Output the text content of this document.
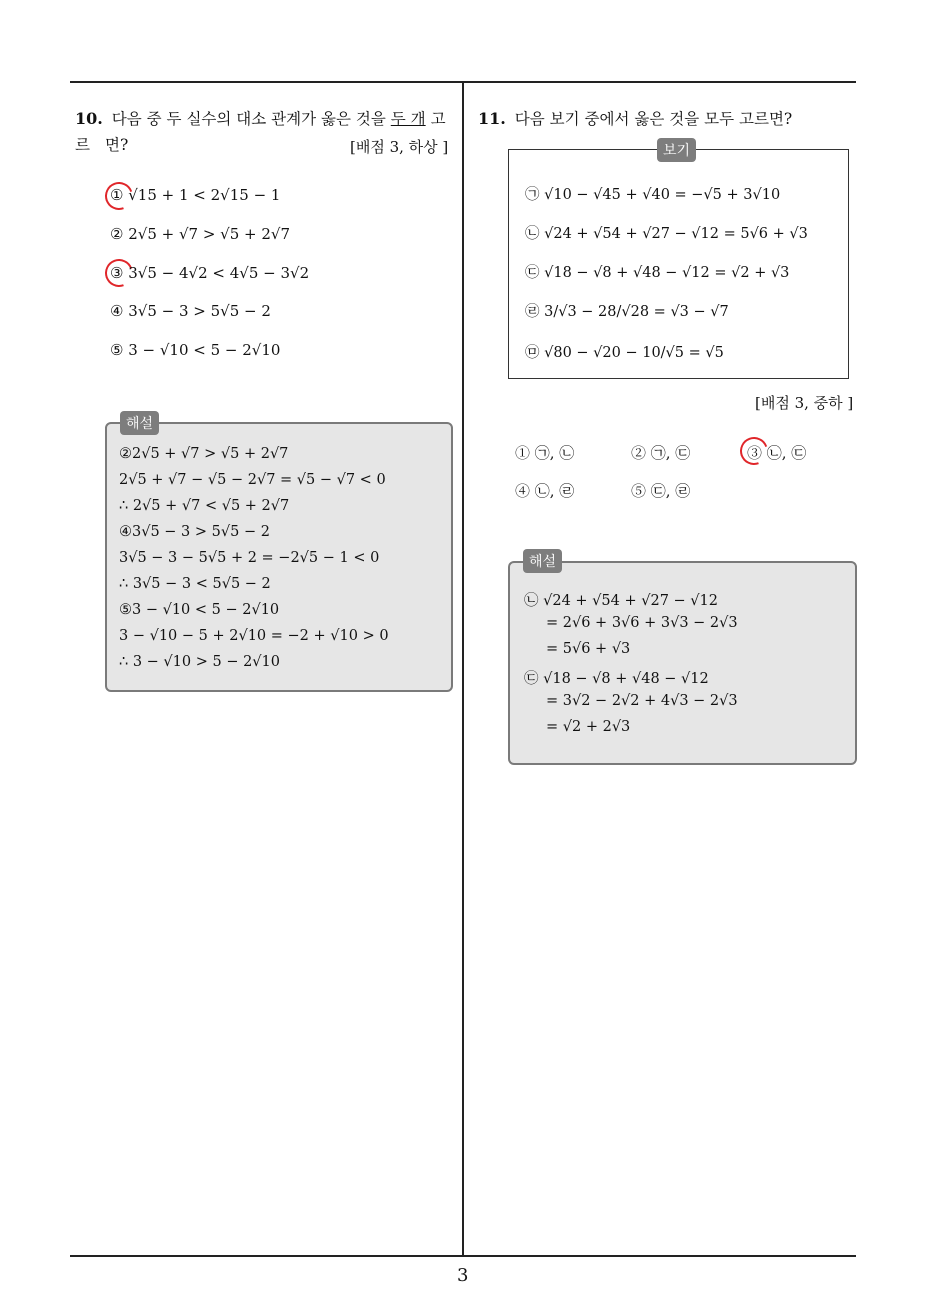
10. 다음 중 두 실수의 대소 관계가 옳은 것을 두 개 고르 면?	[배점 3, 하상 ]
① √15 + 1 < 2√15 − 1
② 2√5 + √7 > √5 + 2√7
③ 3√5 − 4√2 < 4√5 − 3√2
④ 3√5 − 3 > 5√5 − 2
⑤ 3 − √10 < 5 − 2√10
②2√5 + √7 > √5 + 2√7
2√5 + √7 − √5 − 2√7 = √5 − √7 < 0
∴ 2√5 + √7 < √5 + 2√7
④3√5 − 3 > 5√5 − 2
3√5 − 3 − 5√5 + 2 = −2√5 − 1 < 0
∴ 3√5 − 3 < 5√5 − 2
⑤3 − √10 < 5 − 2√10
3 − √10 − 5 + 2√10 = −2 + √10 > 0
∴ 3 − √10 > 5 − 2√10
해설
11. 다음 보기 중에서 옳은 것을 모두 고르면?
㉠ √10 − √45 + √40 = −√5 + 3√10
㉡ √24 + √54 + √27 − √12 = 5√6 + √3
㉢ √18 − √8 + √48 − √12 = √2 + √3
㉣ 3/√3 − 28/√28 = √3 − √7
㉤ √80 − √20 − 10/√5 = √5
보기
[배점 3, 중하 ]
① ㉠, ㉡	② ㉠, ㉢	③ ㉡, ㉢
④ ㉡, ㉣	⑤ ㉢, ㉣
㉡ √24 + √54 + √27 − √12
= 2√6 + 3√6 + 3√3 − 2√3
= 5√6 + √3
㉢ √18 − √8 + √48 − √12
= 3√2 − 2√2 + 4√3 − 2√3
= √2 + 2√3
해설
3
